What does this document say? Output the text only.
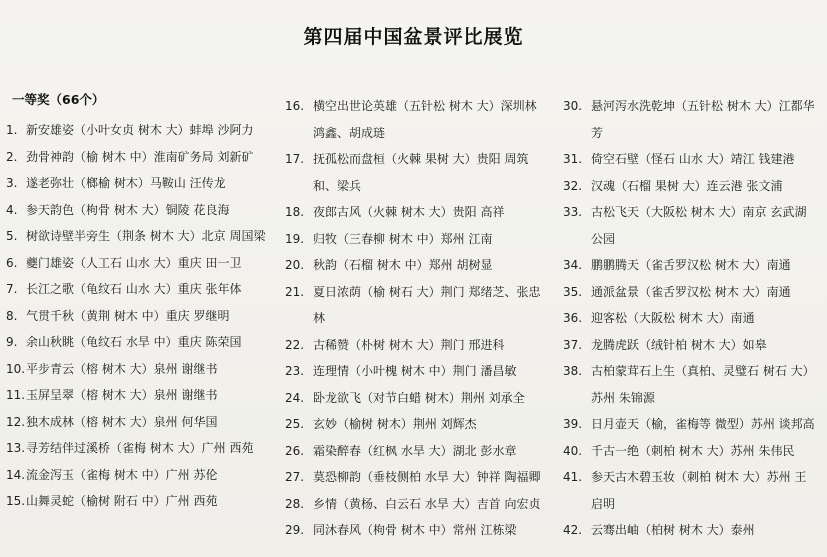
第四届中国盆景评比展览
一等奖（66个）
1. 新安雄姿（小叶女贞 树木 大）蚌埠 沙阿力
2. 劲骨神韵（榆 树木 中）淮南矿务局 刘新矿
3. 遂老弥壮（榔榆 树木）马鞍山 汪传龙
4. 参天韵色（枸骨 树木 大）铜陵 花良海
5. 树欲诗壁半旁生（荆条 树木 大）北京 周国梁
6. 夔门雄姿（人工石 山水 大）重庆 田一卫
7. 长江之歌（龟纹石 山水 大）重庆 张年体
8. 气贯千秋（黄荆 树木 中）重庆 罗继明
9. 余山秋眺（龟纹石 水旱 中）重庆 陈荣国
10. 平步青云（榕 树木 大）泉州 谢继书
11. 玉屏呈翠（榕 树木 大）泉州 谢继书
12. 独木成林（榕 树木 大）泉州 何华国
13. 寻芳结伴过溪桥（雀梅 树木 大）广州 西苑
14. 流金泻玉（雀梅 树木 中）广州 苏伦
15. 山舞灵蛇（榆树 附石 中）广州 西苑
16. 横空出世论英雄（五针松 树木 大）深圳林鸿鑫、胡成琏
17. 抚孤松而盘桓（火棘 果树 大）贵阳 周筑和、梁兵
18. 夜郎古风（火棘 树木 大）贵阳 高祥
19. 归牧（三春柳 树木 中）郑州 江南
20. 秋韵（石榴 树木 中）郑州 胡树显
21. 夏日浓荫（榆 树石 大）荆门 郑绪芝、张忠林
22. 古稀赞（朴树 树木 大）荆门 邢进科
23. 连理情（小叶槐 树木 中）荆门 潘昌敏
24. 卧龙欲飞（对节白蜡 树木）荆州 刘承全
25. 玄妙（榆树 树木）荆州 刘辉杰
26. 霜染醉春（红枫 水旱 大）湖北 彭水章
27. 莫恐柳韵（垂枝侧柏 水旱 大）钟祥 陶福卿
28. 乡情（黄杨、白云石 水旱 大）吉首 向宏贞
29. 同沐春风（枸骨 树木 中）常州 江栋梁
30. 悬河泻水洗乾坤（五针松 树木 大）江都华芳
31. 倚空石壁（怪石 山水 大）靖江 钱建港
32. 汉魂（石榴 果树 大）连云港 张文浦
33. 古松飞天（大阪松 树木 大）南京 玄武湖公园
34. 鹏鹏腾天（雀舌罗汉松 树木 大）南通
35. 通派盆景（雀舌罗汉松 树木 大）南通
36. 迎客松（大阪松 树木 大）南通
37. 龙腾虎跃（绒针柏 树木 大）如皋
38. 古柏蒙茸石上生（真柏、灵璧石 树石 大）苏州 朱锦源
39. 日月壶天（榆，雀梅等 微型）苏州 谈邦高
40. 千古一绝（刺柏 树木 大）苏州 朱伟民
41. 参天古木碧玉妆（刺柏 树木 大）苏州 王启明
42. 云骞出岫（柏树 树木 大）泰州
